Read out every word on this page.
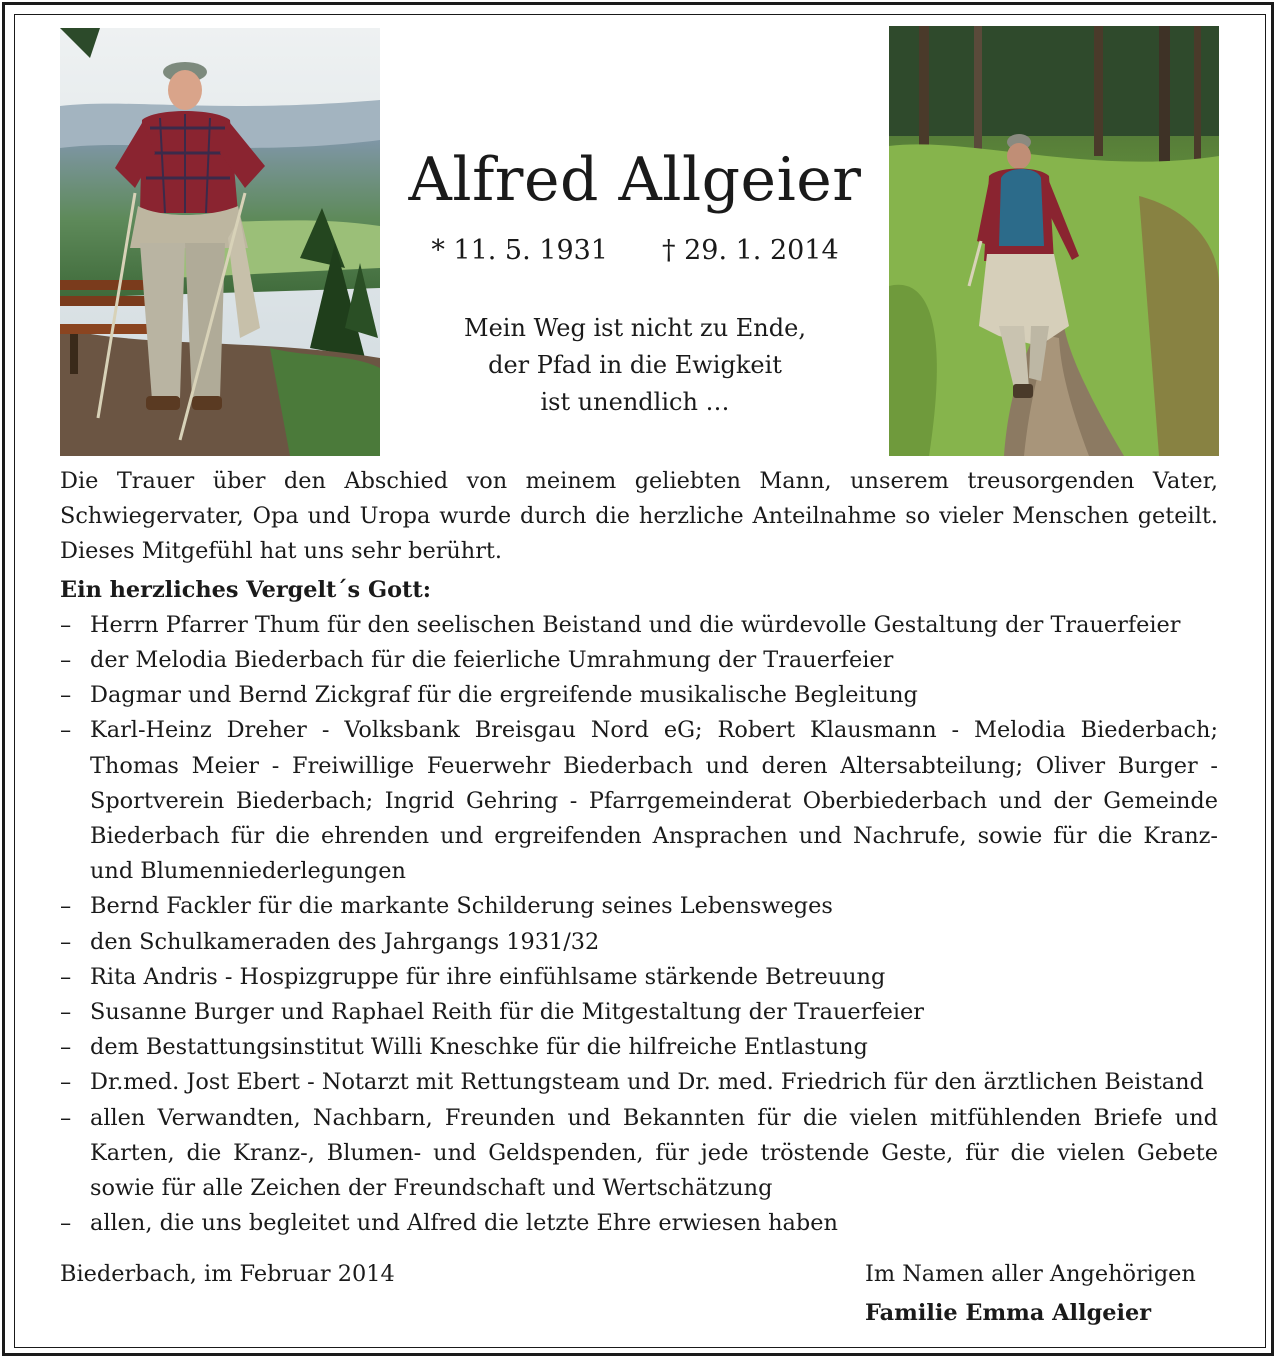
Alfred Allgeier
* 11. 5. 1931 † 29. 1. 2014
Mein Weg ist nicht zu Ende,
der Pfad in die Ewigkeit
ist unendlich …

Die Trauer über den Abschied von meinem geliebten Mann, unserem treusorgenden Vater, Schwiegervater, Opa und Uropa wurde durch die herzliche Anteilnahme so vieler Menschen geteilt. Dieses Mitgefühl hat uns sehr berührt.

Ein herzliches Vergelt´s Gott:
– Herrn Pfarrer Thum für den seelischen Beistand und die würdevolle Gestaltung der Trauerfeier
– der Melodia Biederbach für die feierliche Umrahmung der Trauerfeier
– Dagmar und Bernd Zickgraf für die ergreifende musikalische Begleitung
– Karl-Heinz Dreher - Volksbank Breisgau Nord eG; Robert Klausmann - Melodia Biederbach; Thomas Meier - Freiwillige Feuerwehr Biederbach und deren Altersabteilung; Oliver Burger - Sportverein Biederbach; Ingrid Gehring - Pfarrgemeinderat Oberbiederbach und der Gemeinde Biederbach für die ehrenden und ergreifenden Ansprachen und Nachrufe, sowie für die Kranz- und Blumenniederlegungen
– Bernd Fackler für die markante Schilderung seines Lebensweges
– den Schulkameraden des Jahrgangs 1931/32
– Rita Andris - Hospizgruppe für ihre einfühlsame stärkende Betreuung
– Susanne Burger und Raphael Reith für die Mitgestaltung der Trauerfeier
– dem Bestattungsinstitut Willi Kneschke für die hilfreiche Entlastung
– Dr.med. Jost Ebert - Notarzt mit Rettungsteam und Dr. med. Friedrich für den ärztlichen Beistand
– allen Verwandten, Nachbarn, Freunden und Bekannten für die vielen mitfühlenden Briefe und Karten, die Kranz-, Blumen- und Geldspenden, für jede tröstende Geste, für die vielen Gebete sowie für alle Zeichen der Freundschaft und Wertschätzung
– allen, die uns begleitet und Alfred die letzte Ehre erwiesen haben
Biederbach, im Februar 2014	Im Namen aller Angehörigen
Familie Emma Allgeier
